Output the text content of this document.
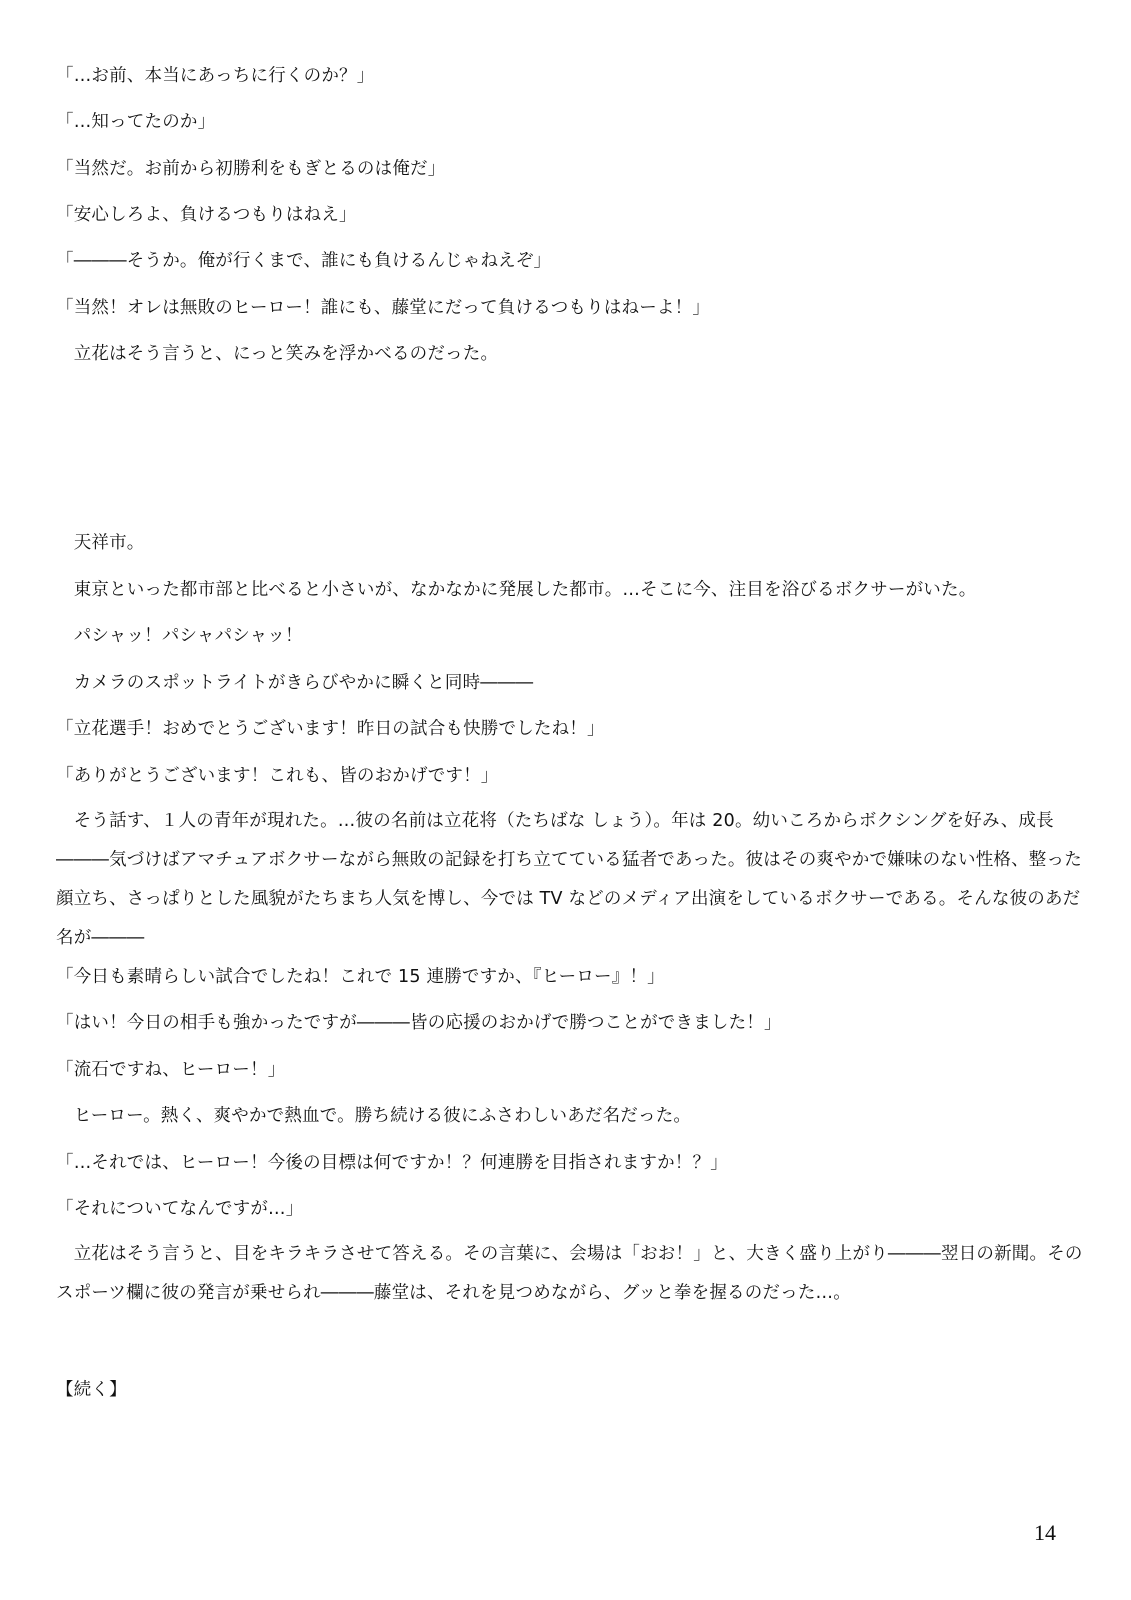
「…お前、本当にあっちに行くのか？」
「…知ってたのか」
「当然だ。お前から初勝利をもぎとるのは俺だ」
「安心しろよ、負けるつもりはねえ」
「―――そうか。俺が行くまで、誰にも負けるんじゃねえぞ」
「当然！オレは無敗のヒーロー！誰にも、藤堂にだって負けるつもりはねーよ！」
　立花はそう言うと、にっと笑みを浮かべるのだった。
　天祥市。
　東京といった都市部と比べると小さいが、なかなかに発展した都市。…そこに今、注目を浴びるボクサーがいた。
　パシャッ！パシャパシャッ！
　カメラのスポットライトがきらびやかに瞬くと同時―――
「立花選手！おめでとうございます！昨日の試合も快勝でしたね！」
「ありがとうございます！これも、皆のおかげです！」
　そう話す、１人の青年が現れた。…彼の名前は立花将（たちばな しょう）。年は 20。幼いころからボクシングを好み、成長―――気づけばアマチュアボクサーながら無敗の記録を打ち立てている猛者であった。彼はその爽やかで嫌味のない性格、整った顔立ち、さっぱりとした風貌がたちまち人気を博し、今では TV などのメディア出演をしているボクサーである。そんな彼のあだ名が―――
「今日も素晴らしい試合でしたね！これで 15 連勝ですか、『ヒーロー』！」
「はい！今日の相手も強かったですが―――皆の応援のおかげで勝つことができました！」
「流石ですね、ヒーロー！」
　ヒーロー。熱く、爽やかで熱血で。勝ち続ける彼にふさわしいあだ名だった。
「…それでは、ヒーロー！今後の目標は何ですか！？何連勝を目指されますか！？」
「それについてなんですが…」
　立花はそう言うと、目をキラキラさせて答える。その言葉に、会場は「おお！」と、大きく盛り上がり―――翌日の新聞。そのスポーツ欄に彼の発言が乗せられ―――藤堂は、それを見つめながら、グッと拳を握るのだった…。
【続く】
14
